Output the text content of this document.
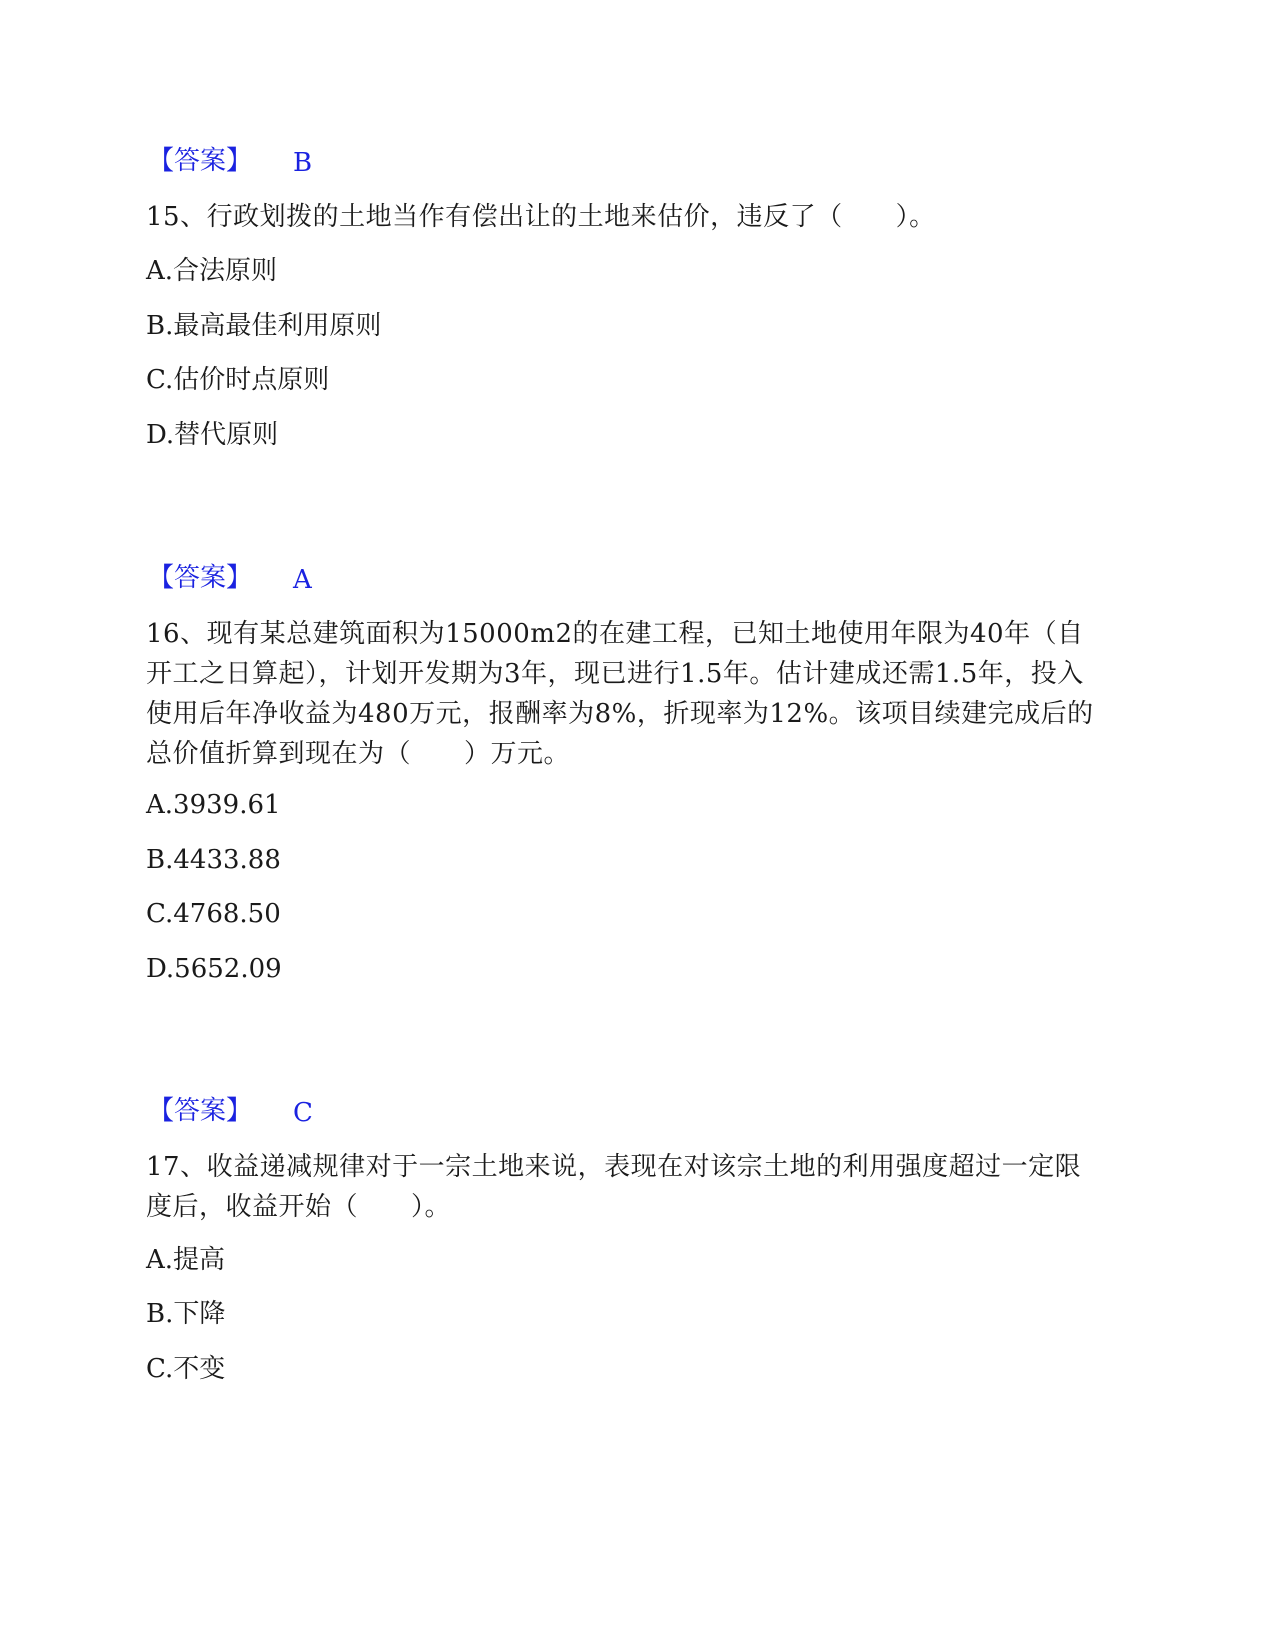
【答案】 B
15、行政划拨的土地当作有偿出让的土地来估价，违反了（　　）。
A.合法原则
B.最高最佳利用原则
C.估价时点原则
D.替代原则
【答案】 A
16、现有某总建筑面积为15000m2的在建工程，已知土地使用年限为40年（自开工之日算起），计划开发期为3年，现已进行1.5年。估计建成还需1.5年，投入使用后年净收益为480万元，报酬率为8%，折现率为12%。该项目续建完成后的总价值折算到现在为（　　）万元。
A.3939.61
B.4433.88
C.4768.50
D.5652.09
【答案】 C
17、收益递减规律对于一宗土地来说，表现在对该宗土地的利用强度超过一定限度后，收益开始（　　）。
A.提高
B.下降
C.不变
